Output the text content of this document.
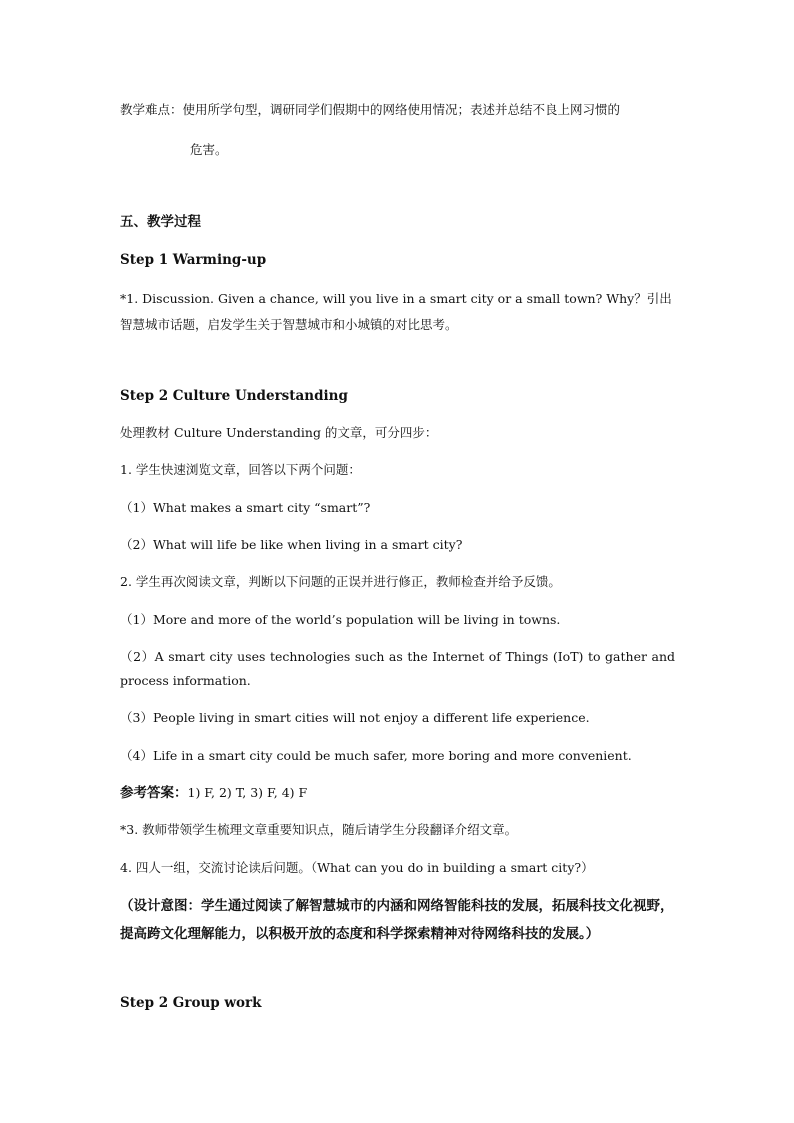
教学难点：使用所学句型，调研同学们假期中的网络使用情况；表述并总结不良上网习惯的
危害。
五、教学过程
Step 1 Warming-up
*1. Discussion. Given a chance, will you live in a smart city or a small town? Why？引出智慧城市话题，启发学生关于智慧城市和小城镇的对比思考。
Step 2 Culture Understanding
处理教材 Culture Understanding 的文章，可分四步：
1. 学生快速浏览文章，回答以下两个问题：
（1）What makes a smart city “smart”?
（2）What will life be like when living in a smart city?
2. 学生再次阅读文章，判断以下问题的正误并进行修正，教师检查并给予反馈。
（1）More and more of the world’s population will be living in towns.
（2）A smart city uses technologies such as the Internet of Things (IoT) to gather and process information.
（3）People living in smart cities will not enjoy a different life experience.
（4）Life in a smart city could be much safer, more boring and more convenient.
参考答案：1) F, 2) T, 3) F, 4) F
*3. 教师带领学生梳理文章重要知识点，随后请学生分段翻译介绍文章。
4. 四人一组，交流讨论读后问题。（What can you do in building a smart city?）
（设计意图：学生通过阅读了解智慧城市的内涵和网络智能科技的发展，拓展科技文化视野，提高跨文化理解能力，以积极开放的态度和科学探索精神对待网络科技的发展。）
Step 2 Group work
